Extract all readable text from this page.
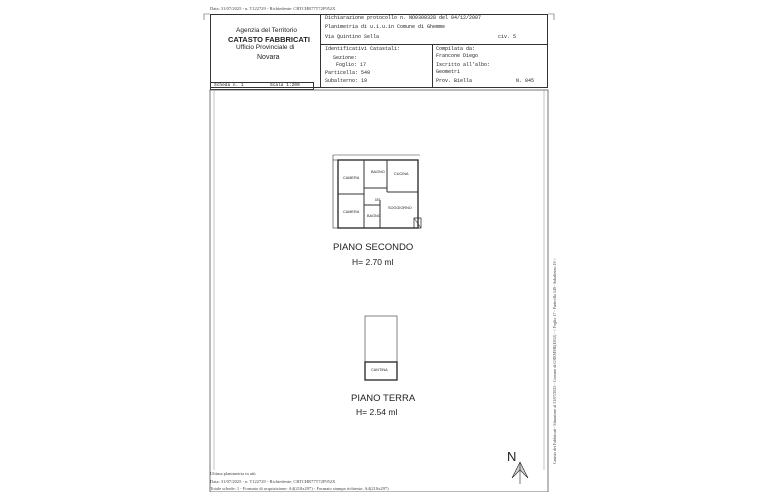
Data: 31/07/2025 - n. T122729 - Richiedente: CRTCHR77T72F952X
Agenzia del Territorio
CATASTO FABBRICATI
Ufficio Provinciale di
Novara
Dichiarazione protocollo n. NO0309328 del 04/12/2007
Planimetria di u.i.u.in Comune di Ghemme
Via Quintino Sella	civ. 5
Identificativi Catastali:
Sezione:
Foglio: 17
Particella: 549
Subalterno: 19
Compilata da:
Francone Diego
Iscritto all'albo:
Geometri
Prov. Biella	N. 845
Scheda n. 1	Scala 1:200
CAMERA
BAGNO CUCINA
CAMERA
BAGNO
DIS
SOGGIORNO
CANTINA
PIANO SECONDO
H= 2.70 ml
PIANO TERRA
H= 2.54 ml
N	Catasto dei Fabbricati - Situazione al 31/07/2025 - Comune di GHEMME(E012) - < Foglio 17 - Particella 549 - Subalterno 19 >
Ultima planimetria in atti
Data: 31/07/2025 - n. T122729 - Richiedente: CRTCHR77T72F952X
Totale schede: 1 - Formato di acquisizione: A4(210x297) - Formato stampa richiesto: A4(210x297)
